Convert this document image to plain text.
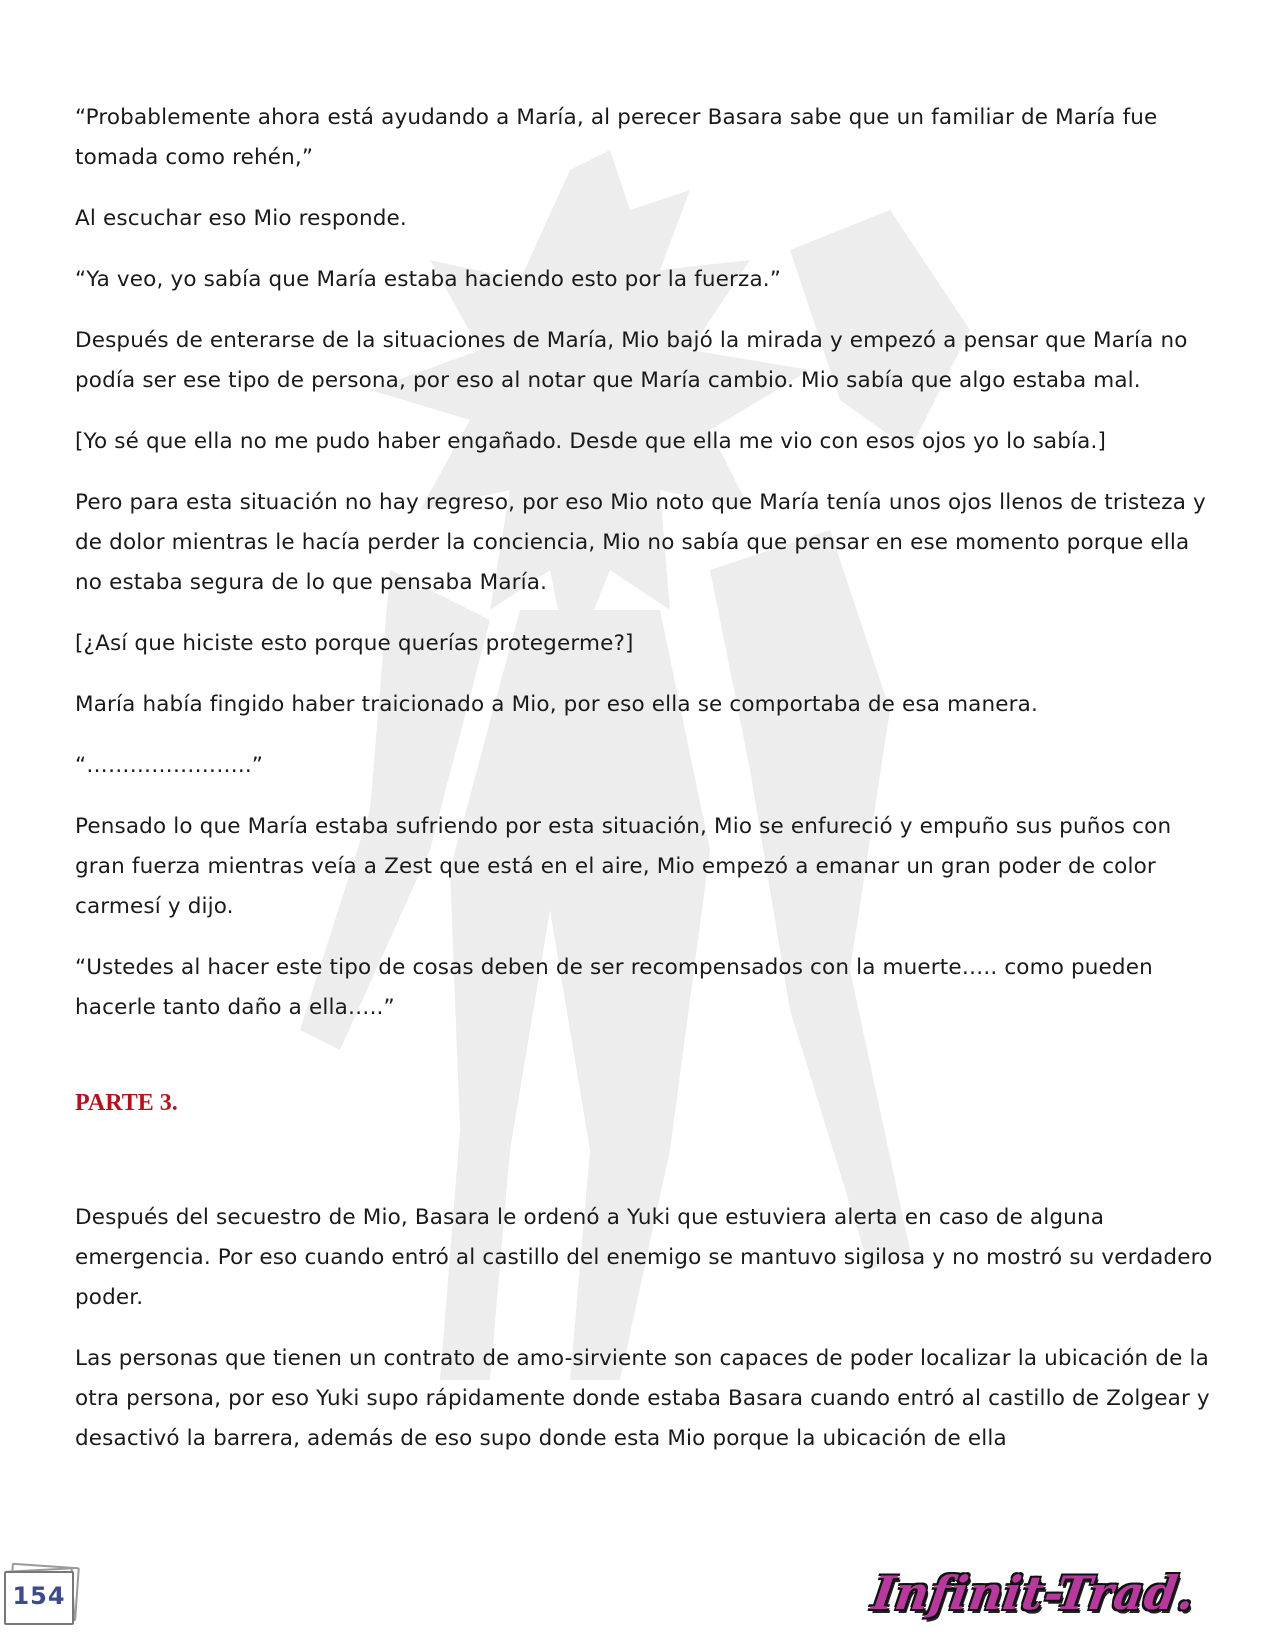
“Probablemente ahora está ayudando a María, al perecer Basara sabe que un familiar de María fue tomada como rehén,”

Al escuchar eso Mio responde.

“Ya veo, yo sabía que María estaba haciendo esto por la fuerza.”

Después de enterarse de la situaciones de María, Mio bajó la mirada y empezó a pensar que María no podía ser ese tipo de persona, por eso al notar que María cambio. Mio sabía que algo estaba mal.

[Yo sé que ella no me pudo haber engañado. Desde que ella me vio con esos ojos yo lo sabía.]

Pero para esta situación no hay regreso, por eso Mio noto que María tenía unos ojos llenos de tristeza y de dolor mientras le hacía perder la conciencia, Mio no sabía que pensar en ese momento porque ella no estaba segura de lo que pensaba María.

[¿Así que hiciste esto porque querías protegerme?]

María había fingido haber traicionado a Mio, por eso ella se comportaba de esa manera.

“…………………..”

Pensado lo que María estaba sufriendo por esta situación, Mio se enfureció y empuño sus puños con gran fuerza mientras veía a Zest que está en el aire, Mio empezó a emanar un gran poder de color carmesí y dijo.

“Ustedes al hacer este tipo de cosas deben de ser recompensados con la muerte….. como pueden hacerle tanto daño a ella…..”

PARTE 3.

Después del secuestro de Mio, Basara le ordenó a Yuki que estuviera alerta en caso de alguna emergencia. Por eso cuando entró al castillo del enemigo se mantuvo sigilosa y no mostró su verdadero poder.

Las personas que tienen un contrato de amo-sirviente son capaces de poder localizar la ubicación de la otra persona, por eso Yuki supo rápidamente donde estaba Basara cuando entró al castillo de Zolgear y desactivó la barrera, además de eso supo donde esta Mio porque la ubicación de ella

154	Infinit-Trad.
